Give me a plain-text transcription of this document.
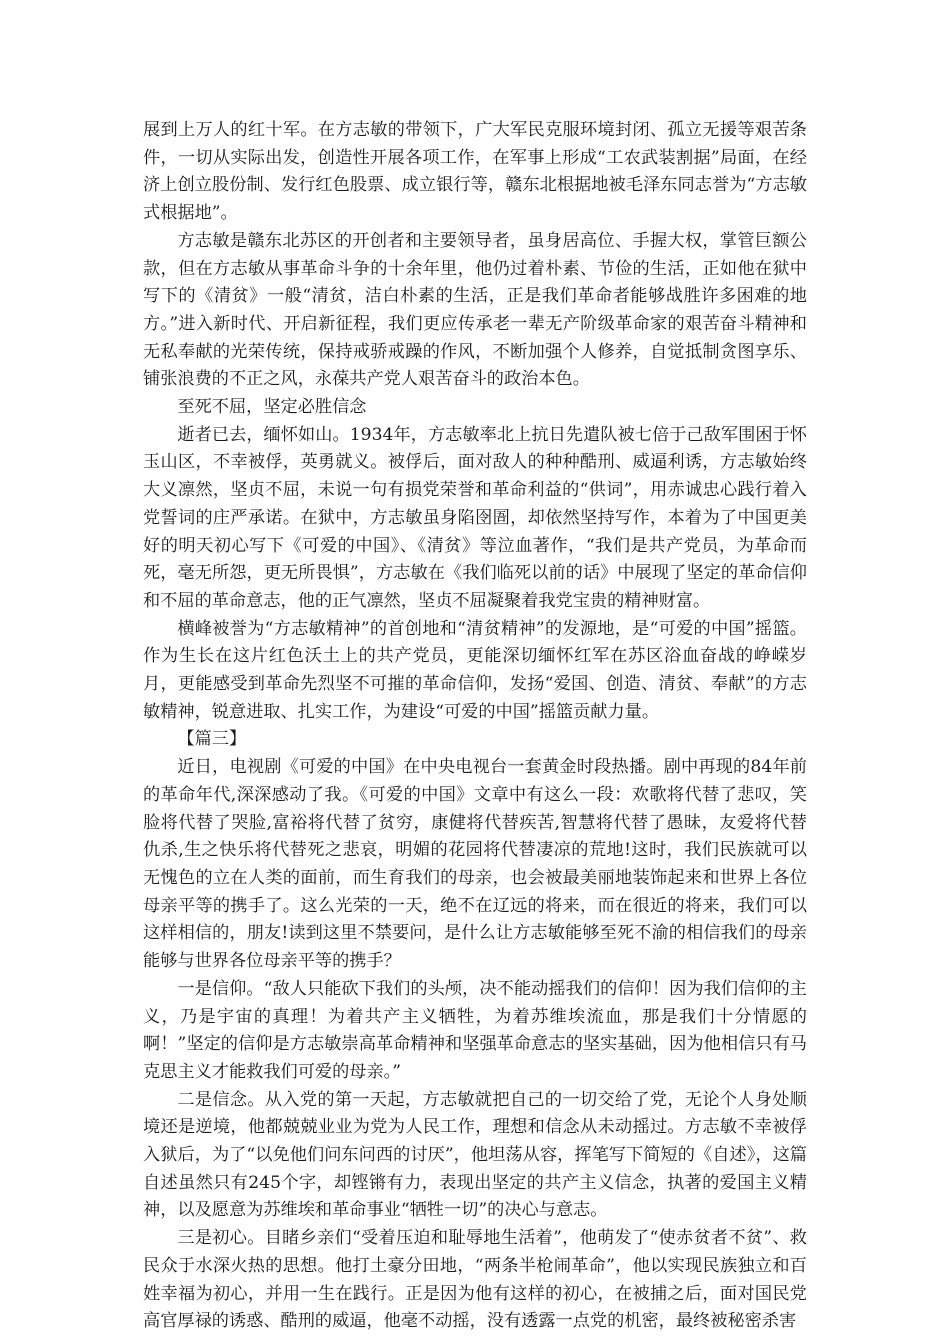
展到上万人的红十军。在方志敏的带领下，广大军民克服环境封闭、孤立无援等艰苦条件，一切从实际出发，创造性开展各项工作，在军事上形成“工农武装割据”局面，在经济上创立股份制、发行红色股票、成立银行等，赣东北根据地被毛泽东同志誉为“方志敏式根据地”。

方志敏是赣东北苏区的开创者和主要领导者，虽身居高位、手握大权，掌管巨额公款，但在方志敏从事革命斗争的十余年里，他仍过着朴素、节俭的生活，正如他在狱中写下的《清贫》一般“清贫，洁白朴素的生活，正是我们革命者能够战胜许多困难的地方。”进入新时代、开启新征程，我们更应传承老一辈无产阶级革命家的艰苦奋斗精神和无私奉献的光荣传统，保持戒骄戒躁的作风，不断加强个人修养，自觉抵制贪图享乐、铺张浪费的不正之风，永葆共产党人艰苦奋斗的政治本色。

至死不屈，坚定必胜信念

逝者已去，缅怀如山。1934年，方志敏率北上抗日先遣队被七倍于己敌军围困于怀玉山区，不幸被俘，英勇就义。被俘后，面对敌人的种种酷刑、威逼利诱，方志敏始终大义凛然，坚贞不屈，未说一句有损党荣誉和革命利益的“供词”，用赤诚忠心践行着入党誓词的庄严承诺。在狱中，方志敏虽身陷囹圄，却依然坚持写作，本着为了中国更美好的明天初心写下《可爱的中国》、《清贫》等泣血著作，“我们是共产党员，为革命而死，毫无所怨，更无所畏惧”，方志敏在《我们临死以前的话》中展现了坚定的革命信仰和不屈的革命意志，他的正气凛然，坚贞不屈凝聚着我党宝贵的精神财富。

横峰被誉为“方志敏精神”的首创地和“清贫精神”的发源地，是“可爱的中国”摇篮。作为生长在这片红色沃土上的共产党员，更能深切缅怀红军在苏区浴血奋战的峥嵘岁月，更能感受到革命先烈坚不可摧的革命信仰，发扬“爱国、创造、清贫、奉献”的方志敏精神，锐意进取、扎实工作，为建设“可爱的中国”摇篮贡献力量。

【篇三】

近日，电视剧《可爱的中国》在中央电视台一套黄金时段热播。剧中再现的84年前的革命年代,深深感动了我。《可爱的中国》文章中有这么一段：欢歌将代替了悲叹，笑脸将代替了哭脸,富裕将代替了贫穷，康健将代替疾苦,智慧将代替了愚昧，友爱将代替仇杀,生之快乐将代替死之悲哀，明媚的花园将代替凄凉的荒地!这时，我们民族就可以无愧色的立在人类的面前，而生育我们的母亲，也会被最美丽地装饰起来和世界上各位母亲平等的携手了。这么光荣的一天，绝不在辽远的将来，而在很近的将来，我们可以这样相信的，朋友!读到这里不禁要问，是什么让方志敏能够至死不渝的相信我们的母亲能够与世界各位母亲平等的携手？

一是信仰。“敌人只能砍下我们的头颅，决不能动摇我们的信仰！因为我们信仰的主义，乃是宇宙的真理！为着共产主义牺牲，为着苏维埃流血，那是我们十分情愿的啊！”坚定的信仰是方志敏崇高革命精神和坚强革命意志的坚实基础，因为他相信只有马克思主义才能救我们可爱的母亲。”

二是信念。从入党的第一天起，方志敏就把自己的一切交给了党，无论个人身处顺境还是逆境，他都兢兢业业为党为人民工作，理想和信念从未动摇过。方志敏不幸被俘入狱后，为了“以免他们问东问西的讨厌”，他坦荡从容，挥笔写下简短的《自述》，这篇自述虽然只有245个字，却铿锵有力，表现出坚定的共产主义信念，执著的爱国主义精神，以及愿意为苏维埃和革命事业“牺牲一切”的决心与意志。

三是初心。目睹乡亲们“受着压迫和耻辱地生活着”，他萌发了“使赤贫者不贫”、救民众于水深火热的思想。他打土豪分田地，“两条半枪闹革命”，他以实现民族独立和百姓幸福为初心，并用一生在践行。正是因为他有这样的初心，在被捕之后，面对国民党高官厚禄的诱惑、酷刑的威逼，他毫不动摇，没有透露一点党的机密，最终被秘密杀害
